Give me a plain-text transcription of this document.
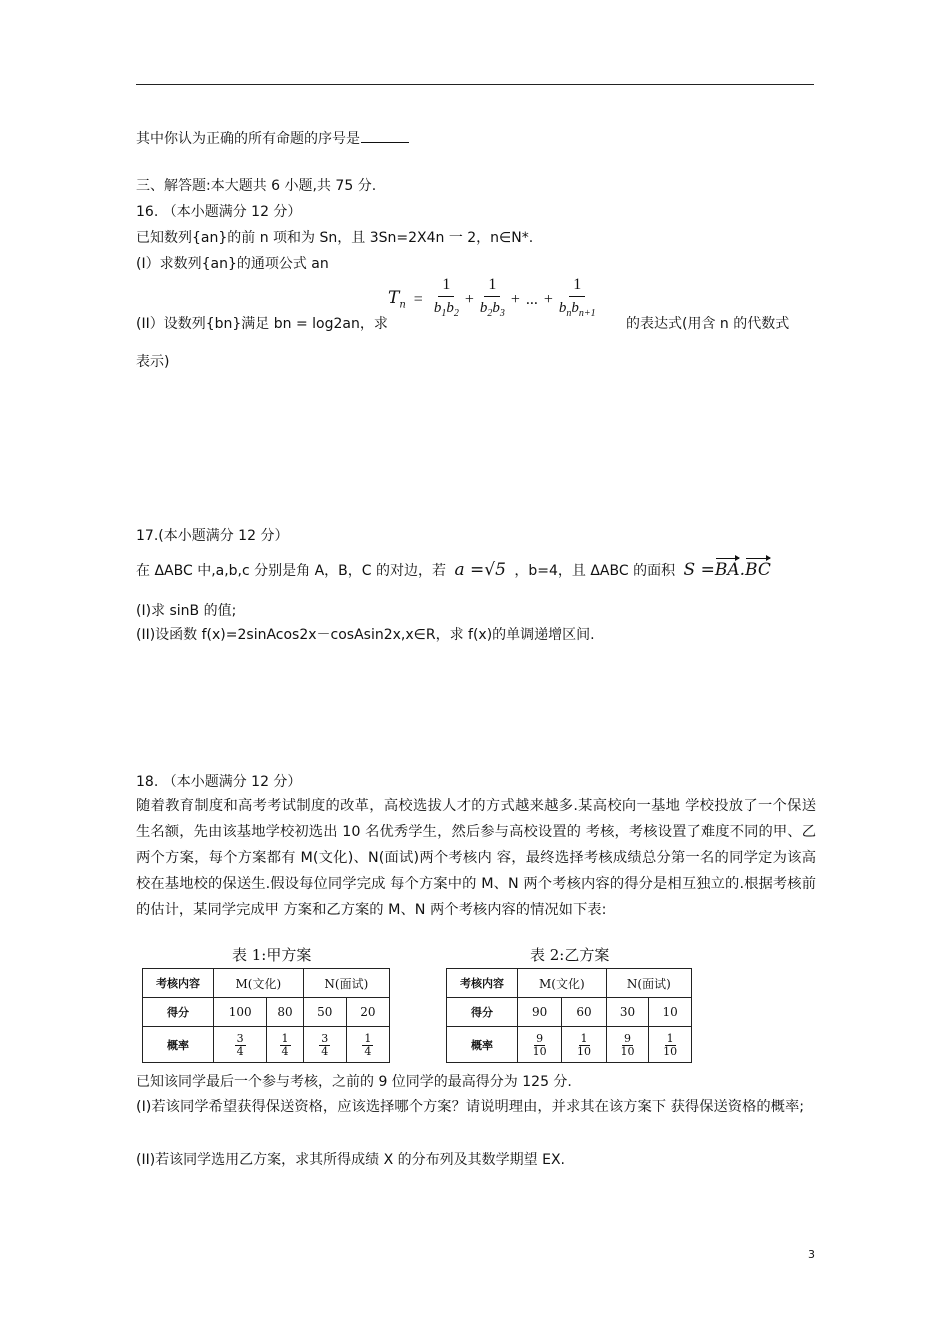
其中你认为正确的所有命题的序号是
三、解答题:本大题共 6 小题,共 75 分.
16. （本小题满分 12 分）
已知数列{an}的前 n 项和为 Sn，且 3Sn=2X4n 一 2，n∈N*.
(I）求数列{an}的通项公式 an
$T_n = \frac{1}{b_1b_2} + \frac{1}{b_2b_3}$ + ... + $\frac{1}{b_nb_{n+1}}$
(II）设数列{bn}满足 bn = log2an，求	的表达式(用含 n 的代数式
表示)
17.(本小题满分 12 分）
在 ΔABC 中,a,b,c 分别是角 A，B，C 的对边，若 a =√5 ，b=4，且 ΔABC 的面积 S =BA.BC
(I)求 sinB 的值;
(II)设函数 f(x)=2sinAcos2x－cosAsin2x,x∈R，求 f(x)的单调递增区间.
18. （本小题满分 12 分）
随着教育制度和高考考试制度的改革，高校选拔人才的方式越来越多.某高校向一基地 学校投放了一个保送生名额，先由该基地学校初选出 10 名优秀学生，然后参与高校设置的 考核，考核设置了难度不同的甲、乙两个方案，每个方案都有 M(文化)、N(面试)两个考核内 容，最终选择考核成绩总分第一名的同学定为该高校在基地校的保送生.假设每位同学完成 每个方案中的 M、N 两个考核内容的得分是相互独立的.根据考核前的估计，某同学完成甲 方案和乙方案的 M、N 两个考核内容的情况如下表:
表 1:甲方案
考核内容	M(文化)		N(面试)	
得分	100	80	50	20
概率	$\frac{3}{4}$	$\frac{1}{4}$	$\frac{3}{4}$	$\frac{1}{4}$
表 2:乙方案
考核内容	M(文化)		N(面试)	
得分	90	60	30	10
概率	$\frac{9}{10}$	$\frac{1}{10}$	$\frac{9}{10}$	$\frac{1}{10}$
已知该同学最后一个参与考核，之前的 9 位同学的最高得分为 125 分.
(I)若该同学希望获得保送资格，应该选择哪个方案？请说明理由，并求其在该方案下 获得保送资格的概率;
(II)若该同学选用乙方案，求其所得成绩 X 的分布列及其数学期望 EX.
3
